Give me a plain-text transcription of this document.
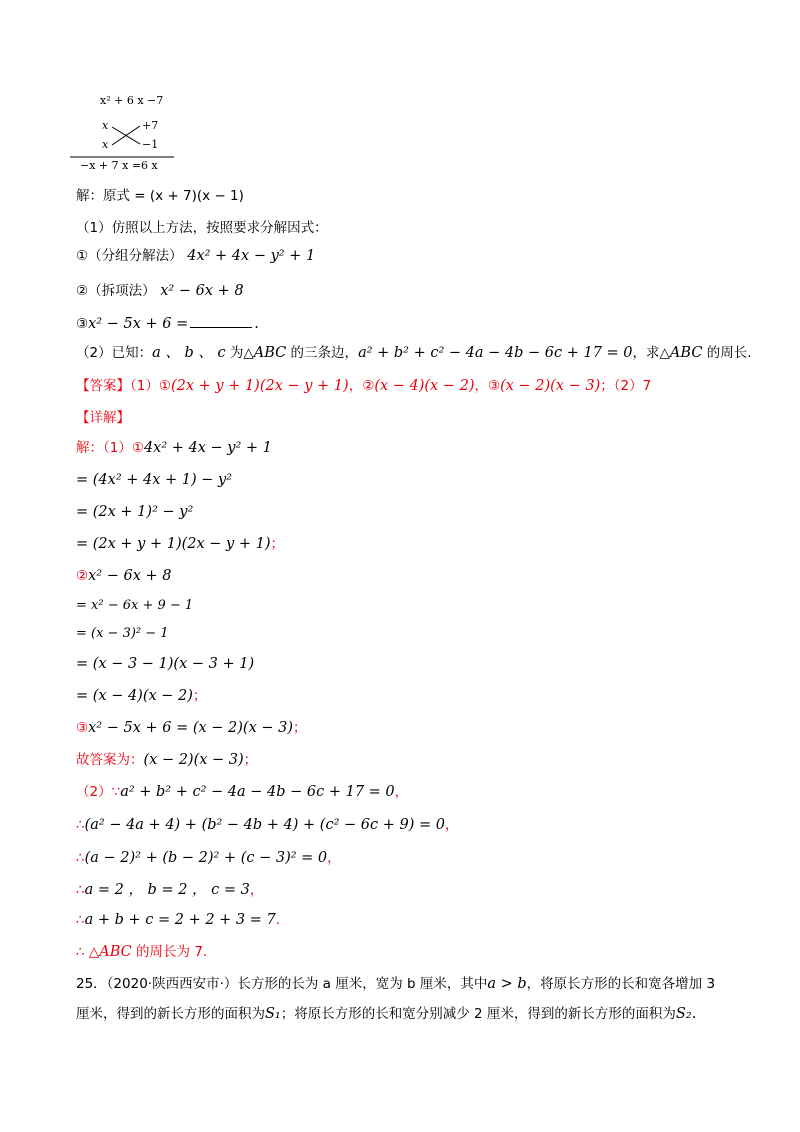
x² + 6 x −7
x	+7
x	−1
−x + 7 x =6 x
解：原式 = (x + 7)(x − 1)
（1）仿照以上方法，按照要求分解因式：
①（分组分解法） 4x² + 4x − y² + 1
②（拆项法） x² − 6x + 8
③x² − 5x + 6 =	.
（2）已知：a 、 b 、 c 为△ABC 的三条边，a² + b² + c² − 4a − 4b − 6c + 17 = 0，求△ABC 的周长.
【答案】（1）①(2x + y + 1)(2x − y + 1)，②(x − 4)(x − 2)，③(x − 2)(x − 3)；（2）7
【详解】
解：（1）①4x² + 4x − y² + 1
= (4x² + 4x + 1) − y²
= (2x + 1)² − y²
= (2x + y + 1)(2x − y + 1)；
②x² − 6x + 8
= x² − 6x + 9 − 1
= (x − 3)² − 1
= (x − 3 − 1)(x − 3 + 1)
= (x − 4)(x − 2)；
③x² − 5x + 6 = (x − 2)(x − 3)；
故答案为：(x − 2)(x − 3)；
（2）∵a² + b² + c² − 4a − 4b − 6c + 17 = 0，
∴(a² − 4a + 4) + (b² − 4b + 4) + (c² − 6c + 9) = 0，
∴(a − 2)² + (b − 2)² + (c − 3)² = 0，
∴a = 2 ， b = 2 ， c = 3，
∴a + b + c = 2 + 2 + 3 = 7.
∴ △ABC 的周长为 7.
25．（2020·陕西西安市·）长方形的长为 a 厘米，宽为 b 厘米，其中a > b，将原长方形的长和宽各增加 3
厘米，得到的新长方形的面积为S₁；将原长方形的长和宽分别减少 2 厘米，得到的新长方形的面积为S₂.
